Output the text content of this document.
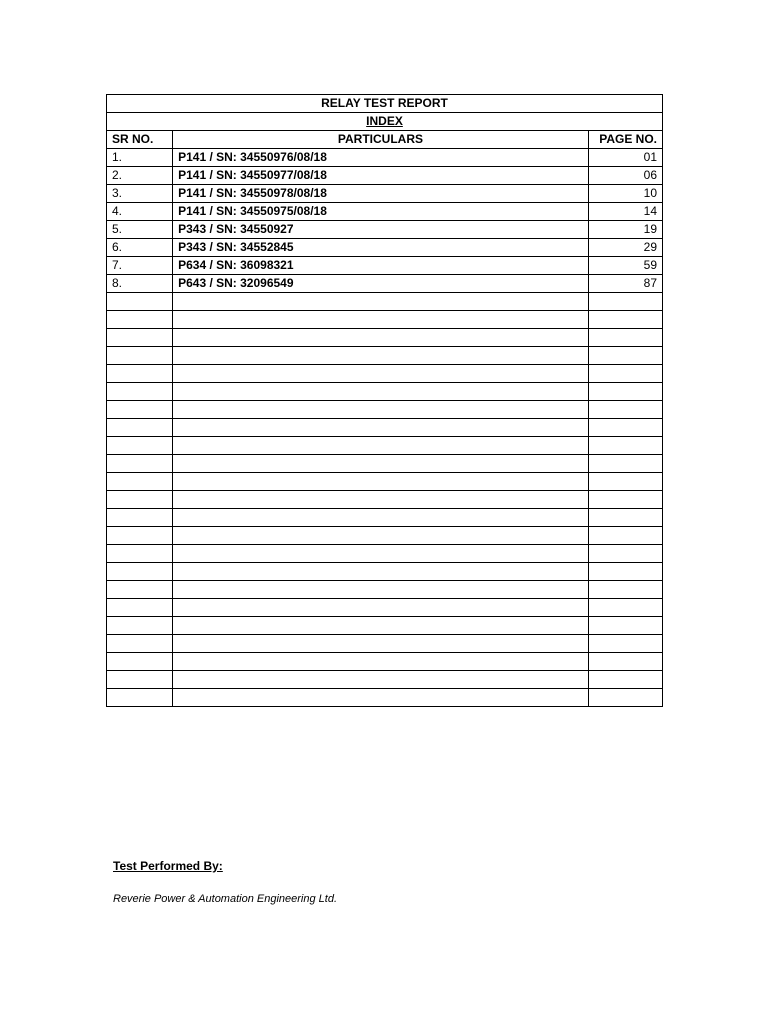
RELAY TEST REPORT		
INDEX		
SR NO.	PARTICULARS	PAGE NO.
1.	P141 / SN: 34550976/08/18	01
2.	P141 / SN: 34550977/08/18	06
3.	P141 / SN: 34550978/08/18	10
4.	P141 / SN: 34550975/08/18	14
5.	P343 / SN: 34550927	19
6.	P343 / SN: 34552845	29
7.	P634 / SN: 36098321	59
8.	P643 / SN: 32096549	87

Test Performed By:
Reverie Power & Automation Engineering Ltd.
